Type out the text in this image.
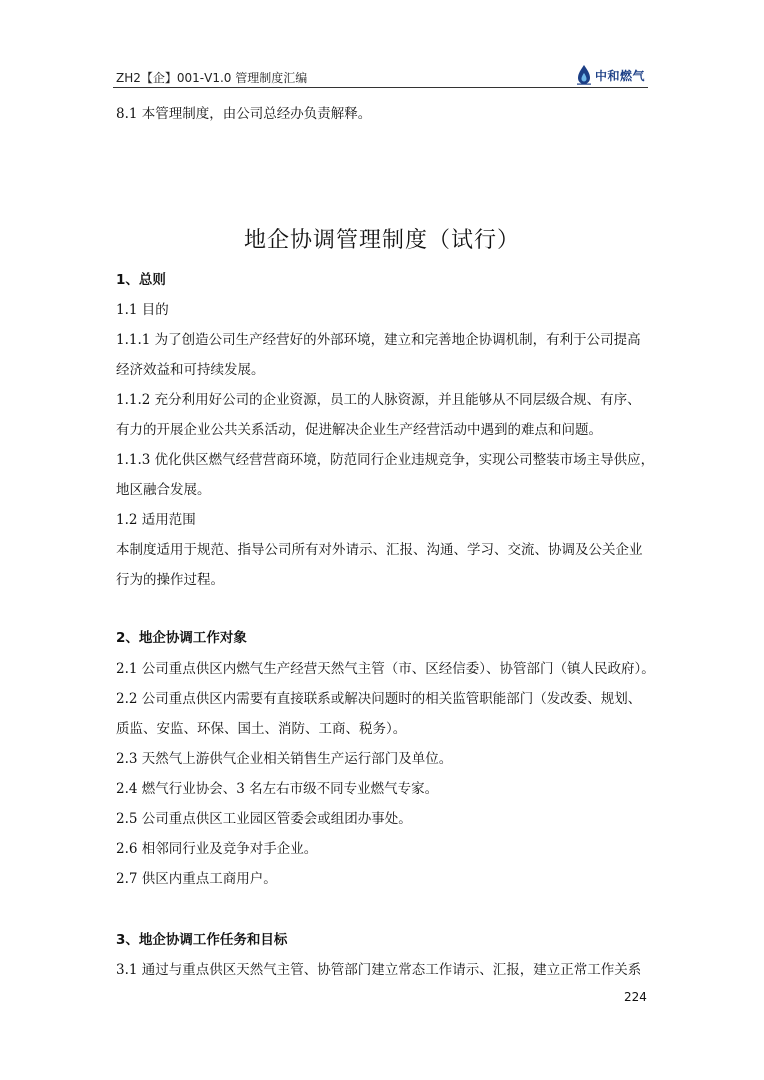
ZH2【企】001-V1.0 管理制度汇编	中和燃气
8.1 本管理制度，由公司总经办负责解释。
地企协调管理制度（试行）
1、总则
1.1 目的
1.1.1 为了创造公司生产经营好的外部环境，建立和完善地企协调机制，有利于公司提高
经济效益和可持续发展。
1.1.2 充分利用好公司的企业资源，员工的人脉资源，并且能够从不同层级合规、有序、
有力的开展企业公共关系活动，促进解决企业生产经营活动中遇到的难点和问题。
1.1.3 优化供区燃气经营营商环境，防范同行企业违规竞争，实现公司整装市场主导供应，
地区融合发展。
1.2 适用范围
本制度适用于规范、指导公司所有对外请示、汇报、沟通、学习、交流、协调及公关企业
行为的操作过程。
2、地企协调工作对象
2.1 公司重点供区内燃气生产经营天然气主管（市、区经信委）、协管部门（镇人民政府）。
2.2 公司重点供区内需要有直接联系或解决问题时的相关监管职能部门（发改委、规划、
质监、安监、环保、国土、消防、工商、税务）。
2.3 天然气上游供气企业相关销售生产运行部门及单位。
2.4 燃气行业协会、3 名左右市级不同专业燃气专家。
2.5 公司重点供区工业园区管委会或组团办事处。
2.6 相邻同行业及竞争对手企业。
2.7 供区内重点工商用户。
3、地企协调工作任务和目标
3.1 通过与重点供区天然气主管、协管部门建立常态工作请示、汇报，建立正常工作关系
224
